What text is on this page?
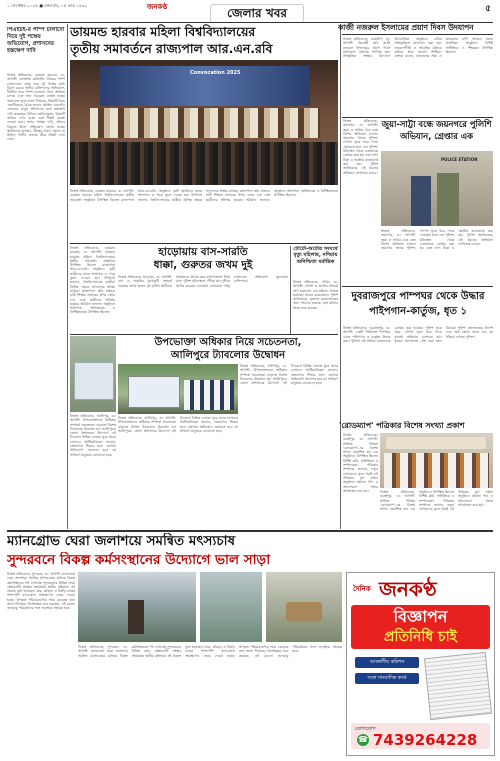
১ সেপ্টেম্বর ২০২৫ ● মঙ্গলবার, ১৫ ভাদ্র ১৪৩২	জনকণ্ঠ	জেলার খবর	৫
পিএইচই-র পাম্প চালানো নিয়ে দুই পক্ষের অভিযোগ, প্রশাসনের হস্তক্ষেপ দাবি
নিজস্ব প্রতিবেদক, ডায়মন্ড হারবার, ৩১ আগস্ট: জনস্বাস্থ্য কারিগরি দপ্তরের পাম্প চালানোকে কেন্দ্র করে দুই পক্ষের মধ্যে বিবাদ চরমে। স্থানীয় বাসিন্দাদের অভিযোগ, দীর্ঘদিন ধরে পাম্প চালানো নিয়ে অনিয়ম চলছে এবং জল সরবরাহ ব্যাহত হচ্ছে। পঞ্চায়েত সূত্রে জানা গিয়েছে, বিষয়টি নিয়ে একাধিকবার বৈঠক হলেও সমাধান মেলেনি। এলাকার মানুষ প্রশাসনের দ্রুত হস্তক্ষেপ দাবি করেছেন। বিডিও জানিয়েছেন, বিষয়টি খতিয়ে দেখা হচ্ছে এবং শীঘ্রই ব্যবস্থা নেওয়া হবে। অপর পক্ষের দাবি, তাঁদের বিরুদ্ধে মিথ্যা অভিযোগ তোলা হচ্ছে। স্থানীয়দের আশঙ্কা, গ্রীষ্মের আগে সমস্যা না মিটলে পানীয় জলের তীব্র সংকট দেখা দেবে।
ডায়মন্ড হারবার মহিলা বিশ্ববিদ্যালয়ের
তৃতীয় সমাবর্তনে রাজ্যপাল আর.এন.রবি
Convocation 2025
নিজস্ব প্রতিবেদক, ডায়মন্ড হারবার, ৩১ আগস্ট: ডায়মন্ড হারবার মহিলা বিশ্ববিদ্যালয়ের তৃতীয় সমাবর্তন অনুষ্ঠানে উপস্থিত ছিলেন রাজ্যপাল আর.এন.রবি। অনুষ্ঠানে কৃতী ছাত্রীদের হাতে শংসাপত্র ও পদক তুলে দেওয়া হয়। উপাচার্য জানান, বিশ্ববিদ্যালয়ের ছাত্রীরা বিভিন্ন ক্ষেত্রে সাফল্যের স্বাক্ষর রাখছে। রাজ্যপাল তাঁর বক্তব্যে নারী শিক্ষার প্রসারের উপর জোর দেন এবং ছাত্রীদের স্বনির্ভর হওয়ার আহ্বান জানান। অনুষ্ঠানে অধ্যাপক, অভিভাবক ও বিশিষ্টজনেরা উপস্থিত ছিলেন।
হাড়োয়ায় বাস-সারতি
ধাক্কা, গুরুতর জখম দুই
নিজস্ব প্রতিবেদক, হাড়োয়া, ৩১ আগস্ট: বাস ও সারতির মুখোমুখি সংঘর্ষে গুরুতর জখম হলেন দুই ব্যক্তি। স্থানীয়রা আহতদের উদ্ধার করে হাসপাতালে নিয়ে যান। পুলিশ ঘটনাস্থলে পৌঁছে যান দুটিকে আটক করেছে। এলাকায় বেপরোয়া গাড়ি চালানোর অভিযোগ তুলেছেন বাসিন্দারা।
নিজস্ব প্রতিবেদক, ডায়মন্ড হারবার, ৩১ আগস্ট: ডায়মন্ড হারবার মহিলা বিশ্ববিদ্যালয়ের তৃতীয় সমাবর্তন অনুষ্ঠানে উপস্থিত ছিলেন রাজ্যপাল আর.এন.রবি। অনুষ্ঠানে কৃতী ছাত্রীদের হাতে শংসাপত্র ও পদক তুলে দেওয়া হয়। উপাচার্য জানান, বিশ্ববিদ্যালয়ের ছাত্রীরা বিভিন্ন ক্ষেত্রে সাফল্যের স্বাক্ষর রাখছে। রাজ্যপাল তাঁর বক্তব্যে নারী শিক্ষার প্রসারের উপর জোর দেন এবং ছাত্রীদের স্বনির্ভর হওয়ার আহ্বান জানান। অনুষ্ঠানে অধ্যাপক, অভিভাবক ও বিশিষ্টজনেরা উপস্থিত ছিলেন।
টোটো-অটোর সংঘর্ষে মৃত্যু মহিলার, নদিয়ায় অনিশ্চিতা মর্মান্তিক
নিজস্ব প্রতিবেদক, নদিয়া, ৩১ আগস্ট: টোটো ও অটোর সংঘর্ষে প্রাণ হারালেন এক মহিলা। আহত হয়েছেন আরও কয়েকজন। পুলিশ জানিয়েছে, মৃতদেহ ময়নাতদন্তের জন্য পাঠানো হয়েছে এবং ঘটনার তদন্ত শুরু হয়েছে।
উপভোক্তা অধিকার নিয়ে সচেতনতা,
আলিপুরে ট্যাবলোর উদ্বোধন
নিজস্ব প্রতিবেদক, আলিপুর, ৩১ আগস্ট: উপভোক্তাদের অধিকার সম্পর্কে সচেতনতা বাড়াতে বিশেষ ট্যাবলোর উদ্বোধন হল আলিপুরে। জেলা প্রশাসনের উদ্যোগে এই ট্যাবলো বিভিন্ন এলাকা ঘুরে প্রচার চালাবে। আধিকারিকরা জানান, প্রতারণার শিকার হলে কোথায় অভিযোগ জানাতে হবে তা সাধারণ মানুষকে বোঝানো হবে।
নিজস্ব প্রতিবেদক, আলিপুর, ৩১ আগস্ট: উপভোক্তাদের অধিকার সম্পর্কে সচেতনতা বাড়াতে বিশেষ ট্যাবলোর উদ্বোধন হল আলিপুরে। জেলা প্রশাসনের উদ্যোগে এই ট্যাবলো বিভিন্ন এলাকা ঘুরে প্রচার চালাবে। আধিকারিকরা জানান, প্রতারণার শিকার হলে কোথায় অভিযোগ জানাতে হবে তা সাধারণ মানুষকে বোঝানো হবে।
নিজস্ব প্রতিবেদক, আলিপুর, ৩১ আগস্ট: উপভোক্তাদের অধিকার সম্পর্কে সচেতনতা বাড়াতে বিশেষ ট্যাবলোর উদ্বোধন হল আলিপুরে। জেলা প্রশাসনের উদ্যোগে এই ট্যাবলো বিভিন্ন এলাকা ঘুরে প্রচার চালাবে। আধিকারিকরা জানান, প্রতারণার শিকার হলে কোথায় অভিযোগ জানাতে হবে তা সাধারণ মানুষকে বোঝানো হবে।
কাজী নজরুল ইসলামের প্রয়াণ দিবস উদযাপন
নিজস্ব প্রতিবেদক, কাকদ্বীপ, ৩১ আগস্ট: বিদ্রোহী কবি কাজী নজরুল ইসলামের প্রয়াণ দিবস যথাযোগ্য মর্যাদায় পালিত হল। সাংস্কৃতিক সংস্থার উদ্যোগে আয়োজিত অনুষ্ঠানে কবির প্রতিকৃতিতে মাল্যদান করা হয়। নজরুলগীতি ও আবৃত্তির মাধ্যমে কবিকে শ্রদ্ধা জানান শিল্পীরা। বক্তারা বলেন, নজরুলের সাম্য ও মানবতার বাণী আজও সমান প্রাসঙ্গিক। অনুষ্ঠানে বিশিষ্ট সাহিত্যিক ও শিক্ষকরা উপস্থিত ছিলেন।
জুয়া-সাট্টা বন্ধে জয়নগরে পুলিশি অভিযান, গ্রেপ্তার এক
নিজস্ব প্রতিবেদক, জয়নগর, ৩১ আগস্ট: জুয়া ও সাট্টার ঠেক বন্ধে বিশেষ অভিযান চালাল জয়নগর থানার পুলিশ। গোপন সূত্রে খবর পেয়ে এলাকায় হানা দেয় পুলিশ। ঘটনাস্থল থেকে একজনকে গ্রেপ্তার করা হয় এবং নগদ টাকা ও সরঞ্জাম বাজেয়াপ্ত করা হয়। পুলিশ জানিয়েছে, এই ধরনের অভিযান লাগাতার চলবে।
POLICE STATION
নিজস্ব প্রতিবেদক, জয়নগর, ৩১ আগস্ট: জুয়া ও সাট্টার ঠেক বন্ধে বিশেষ অভিযান চালাল জয়নগর থানার পুলিশ। গোপন সূত্রে খবর পেয়ে এলাকায় হানা দেয় পুলিশ। ঘটনাস্থল থেকে একজনকে গ্রেপ্তার করা হয় এবং নগদ টাকা ও সরঞ্জাম বাজেয়াপ্ত করা হয়। পুলিশ জানিয়েছে, এই ধরনের অভিযান লাগাতার চলবে।
দুবরাজপুরে পাম্পঘর থেকে উদ্ধার পাইপগান-কার্তুজ, ধৃত ১
নিজস্ব প্রতিবেদক, দুবরাজপুর, ৩১ আগস্ট: একটি পরিত্যক্ত পাম্পঘর থেকে পাইপগান ও কার্তুজ উদ্ধার করল পুলিশ। এই ঘটনায় একজনকে গ্রেপ্তার করা হয়েছে। পুলিশ সূত্রে খবর, গোপন সূত্রে খবর পেয়ে রাতেই অভিযান চালানো হয়। ধৃতকে আদালতে পেশ করা হলে বিচারক পুলিশ হেফাজতের নির্দেশ দেন। অস্ত্র কোথা থেকে এল, তা খতিয়ে দেখছে পুলিশ।
'রোডম্যাপ' পত্রিকার বিশেষ সংখ্যা প্রকাশ
নিজস্ব প্রতিবেদক, বারুইপুর, ৩১ আগস্ট: সাহিত্য পত্রিকা 'রোডম্যাপ'-এর বিশেষ সংখ্যা প্রকাশিত হল এক অনুষ্ঠানে। উপস্থিত ছিলেন বিশিষ্ট কবি, সাহিত্যিক ও সম্পাদকরা। পত্রিকার সম্পাদক জানান, নতুন লেখকদের তুলে ধরাই এই পত্রিকার মূল লক্ষ্য। অনুষ্ঠানে কবিতা পাঠ ও আলোচনা সভার আয়োজন করা হয়।	নিজস্ব প্রতিবেদক, বারুইপুর, ৩১ আগস্ট: সাহিত্য পত্রিকা 'রোডম্যাপ'-এর বিশেষ সংখ্যা প্রকাশিত হল এক অনুষ্ঠানে। উপস্থিত ছিলেন বিশিষ্ট কবি, সাহিত্যিক ও সম্পাদকরা। পত্রিকার সম্পাদক জানান, নতুন লেখকদের তুলে ধরাই এই পত্রিকার মূল লক্ষ্য। অনুষ্ঠানে কবিতা পাঠ ও আলোচনা সভার আয়োজন করা হয়।
ম্যানগ্রোভ ঘেরা জলাশয়ে সমন্বিত মৎস্যচাষ
সুন্দরবনে বিকল্প কর্মসংস্থানের উদ্যোগে ভাল সাড়া
নিজস্ব প্রতিবেদক, সুন্দরবন, ৩১ আগস্ট: ম্যানগ্রোভ ঘেরা জলাশয়ে সমন্বিত মৎস্যচাষের মাধ্যমে বিকল্প কর্মসংস্থানের পথ দেখাচ্ছে সুন্দরবনের বিভিন্ন গ্রাম। স্বেচ্ছাসেবী সংস্থার সহায়তায় স্থানীয় মহিলারা এই প্রকল্পে যুক্ত হয়েছেন। মাছ, কাঁকড়া ও চিংড়ি চাষের পাশাপাশি ম্যানগ্রোভ সংরক্ষণেও জোর দেওয়া হচ্ছে। উপকৃত পরিবারগুলির আয় বেড়েছে বলে জানা গিয়েছে। বিশেষজ্ঞরা মনে করছেন, এই মডেল জলবায়ু পরিবর্তনের সঙ্গে লড়াইয়ে সহায়ক হবে।
নিজস্ব প্রতিবেদক, সুন্দরবন, ৩১ আগস্ট: ম্যানগ্রোভ ঘেরা জলাশয়ে সমন্বিত মৎস্যচাষের মাধ্যমে বিকল্প কর্মসংস্থানের পথ দেখাচ্ছে সুন্দরবনের বিভিন্ন গ্রাম। স্বেচ্ছাসেবী সংস্থার সহায়তায় স্থানীয় মহিলারা এই প্রকল্পে যুক্ত হয়েছেন। মাছ, কাঁকড়া ও চিংড়ি চাষের পাশাপাশি ম্যানগ্রোভ সংরক্ষণেও জোর দেওয়া হচ্ছে। উপকৃত পরিবারগুলির আয় বেড়েছে বলে জানা গিয়েছে। বিশেষজ্ঞরা মনে করছেন, এই মডেল জলবায়ু পরিবর্তনের সঙ্গে লড়াইয়ে সহায়ক হবে।
দৈনিক জনকণ্ঠ
বিজ্ঞাপন
প্রতিনিধি চাই
আকর্ষণীয় কমিশন
সঙ্গে সাংবাদিক কার্ড
যোগাযোগ
☎ 7439264228
